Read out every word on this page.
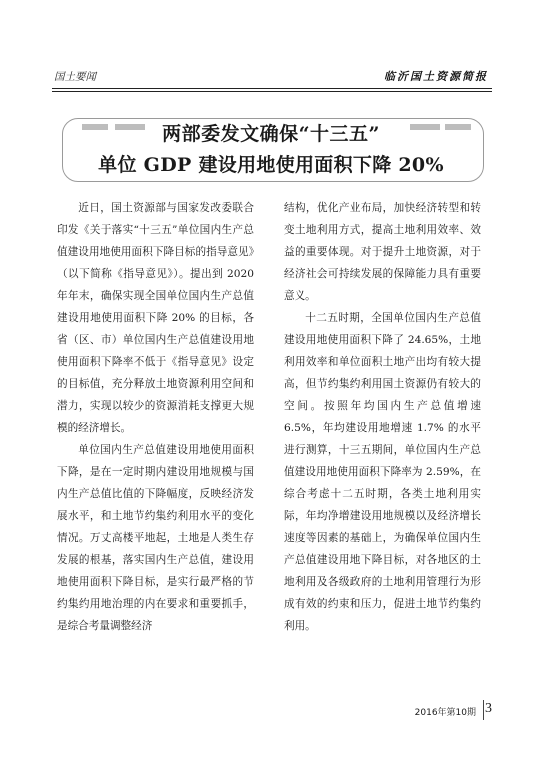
国土要闻	临沂国土资源简报
两部委发文确保“十三五”
单位 GDP 建设用地使用面积下降 20%

近日，国土资源部与国家发改委联合印发《关于落实“十三五”单位国内生产总值建设用地使用面积下降目标的指导意见》（以下简称《指导意见》）。提出到 2020 年年末，确保实现全国单位国内生产总值建设用地使用面积下降 20% 的目标，各省（区、市）单位国内生产总值建设用地使用面积下降率不低于《指导意见》设定的目标值，充分释放土地资源利用空间和潜力，实现以较少的资源消耗支撑更大规模的经济增长。

单位国内生产总值建设用地使用面积下降，是在一定时期内建设用地规模与国内生产总值比值的下降幅度，反映经济发展水平，和土地节约集约利用水平的变化情况。万丈高楼平地起，土地是人类生存发展的根基，落实国内生产总值，建设用地使用面积下降目标，是实行最严格的节约集约用地治理的内在要求和重要抓手，是综合考量调整经济

结构，优化产业布局，加快经济转型和转变土地利用方式，提高土地利用效率、效益的重要体现。对于提升土地资源，对于经济社会可持续发展的保障能力具有重要意义。

十二五时期，全国单位国内生产总值建设用地使用面积下降了 24.65%，土地利用效率和单位面积土地产出均有较大提高，但节约集约利用国土资源仍有较大的空间。按照年均国内生产总值增速 6.5%，年均建设用地增速 1.7% 的水平进行测算，十三五期间，单位国内生产总值建设用地使用面积下降率为 2.59%，在综合考虑十二五时期，各类土地利用实际，年均净增建设用地规模以及经济增长速度等因素的基础上，为确保单位国内生产总值建设用地下降目标，对各地区的土地利用及各级政府的土地利用管理行为形成有效的约束和压力，促进土地节约集约利用。

2016年第10期 3
